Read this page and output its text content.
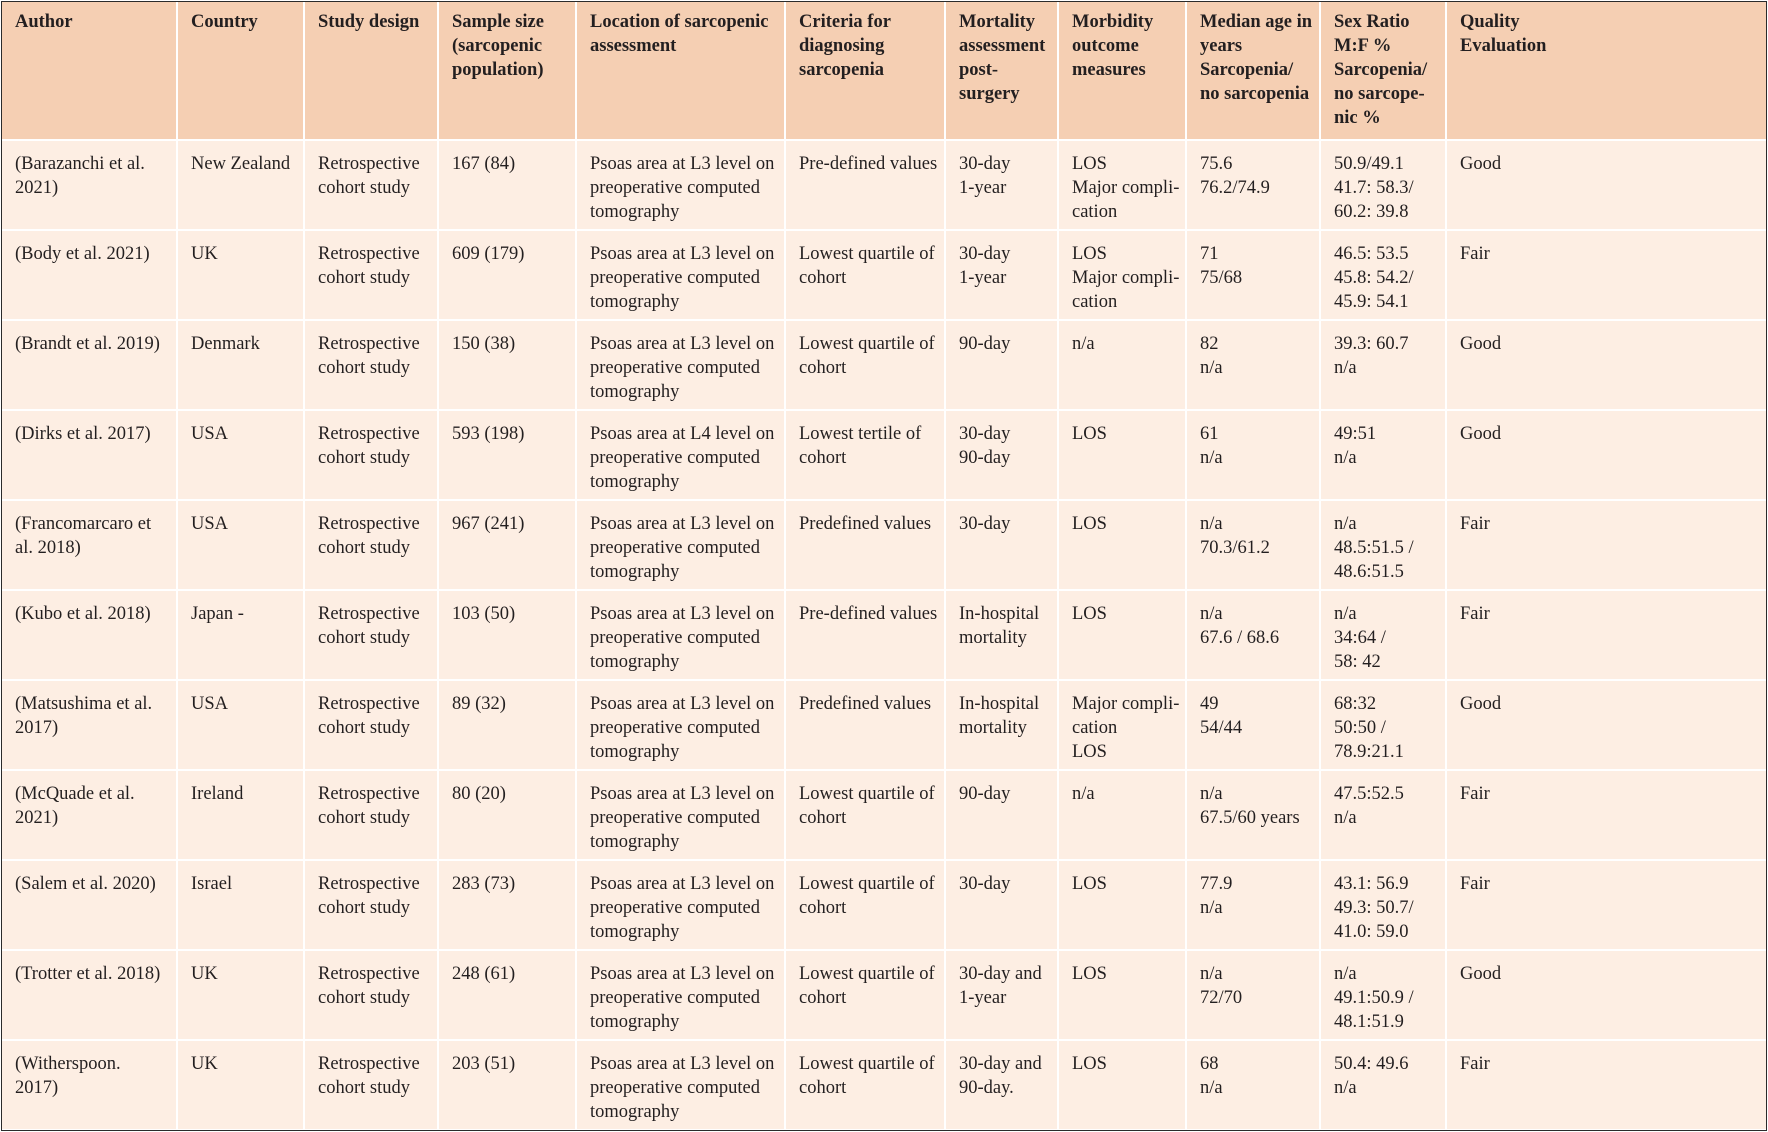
Author	Country	Study design	Sample size
(sarcopenic
population)	Location of sarcopenic
assessment	Criteria for
diagnosing
sarcopenia	Mortality
assessment
post-
surgery	Morbidity
outcome
measures	Median age in
years
Sarcopenia/
no sarcopenia	Sex Ratio
M:F %
Sarcopenia/
no sarcope-
nic %	Quality
Evaluation

(Barazanchi et al.
2021)	New Zealand	Retrospective
cohort study	167 (84)	Psoas area at L3 level on
preoperative computed
tomography	Pre-defined values	30-day
1-year	LOS
Major compli-
cation	75.6
76.2/74.9	50.9/49.1
41.7: 58.3/
60.2: 39.8	Good

(Body et al. 2021)	UK	Retrospective
cohort study	609 (179)	Psoas area at L3 level on
preoperative computed
tomography	Lowest quartile of
cohort	30-day
1-year	LOS
Major compli-
cation	71
75/68	46.5: 53.5
45.8: 54.2/
45.9: 54.1	Fair

(Brandt et al. 2019)	Denmark	Retrospective
cohort study	150 (38)	Psoas area at L3 level on
preoperative computed
tomography	Lowest quartile of
cohort	90-day	n/a	82
n/a	39.3: 60.7
n/a	Good

(Dirks et al. 2017)	USA	Retrospective
cohort study	593 (198)	Psoas area at L4 level on
preoperative computed
tomography	Lowest tertile of
cohort	30-day
90-day	LOS	61
n/a	49:51
n/a	Good

(Francomarcaro et
al. 2018)	USA	Retrospective
cohort study	967 (241)	Psoas area at L3 level on
preoperative computed
tomography	Predefined values	30-day	LOS	n/a
70.3/61.2	n/a
48.5:51.5 /
48.6:51.5	Fair

(Kubo et al. 2018)	Japan -	Retrospective
cohort study	103 (50)	Psoas area at L3 level on
preoperative computed
tomography	Pre-defined values	In-hospital
mortality	LOS	n/a
67.6 / 68.6	n/a
34:64 /
58: 42	Fair

(Matsushima et al.
2017)	USA	Retrospective
cohort study	89 (32)	Psoas area at L3 level on
preoperative computed
tomography	Predefined values	In-hospital
mortality	Major compli-
cation
LOS	49
54/44	68:32
50:50 /
78.9:21.1	Good

(McQuade et al.
2021)	Ireland	Retrospective
cohort study	80 (20)	Psoas area at L3 level on
preoperative computed
tomography	Lowest quartile of
cohort	90-day	n/a	n/a
67.5/60 years	47.5:52.5
n/a	Fair

(Salem et al. 2020)	Israel	Retrospective
cohort study	283 (73)	Psoas area at L3 level on
preoperative computed
tomography	Lowest quartile of
cohort	30-day	LOS	77.9
n/a	43.1: 56.9
49.3: 50.7/
41.0: 59.0	Fair

(Trotter et al. 2018)	UK	Retrospective
cohort study	248 (61)	Psoas area at L3 level on
preoperative computed
tomography	Lowest quartile of
cohort	30-day and
1-year	LOS	n/a
72/70	n/a
49.1:50.9 /
48.1:51.9	Good

(Witherspoon.
2017)	UK	Retrospective
cohort study	203 (51)	Psoas area at L3 level on
preoperative computed
tomography	Lowest quartile of
cohort	30-day and
90-day.	LOS	68
n/a	50.4: 49.6
n/a	Fair
